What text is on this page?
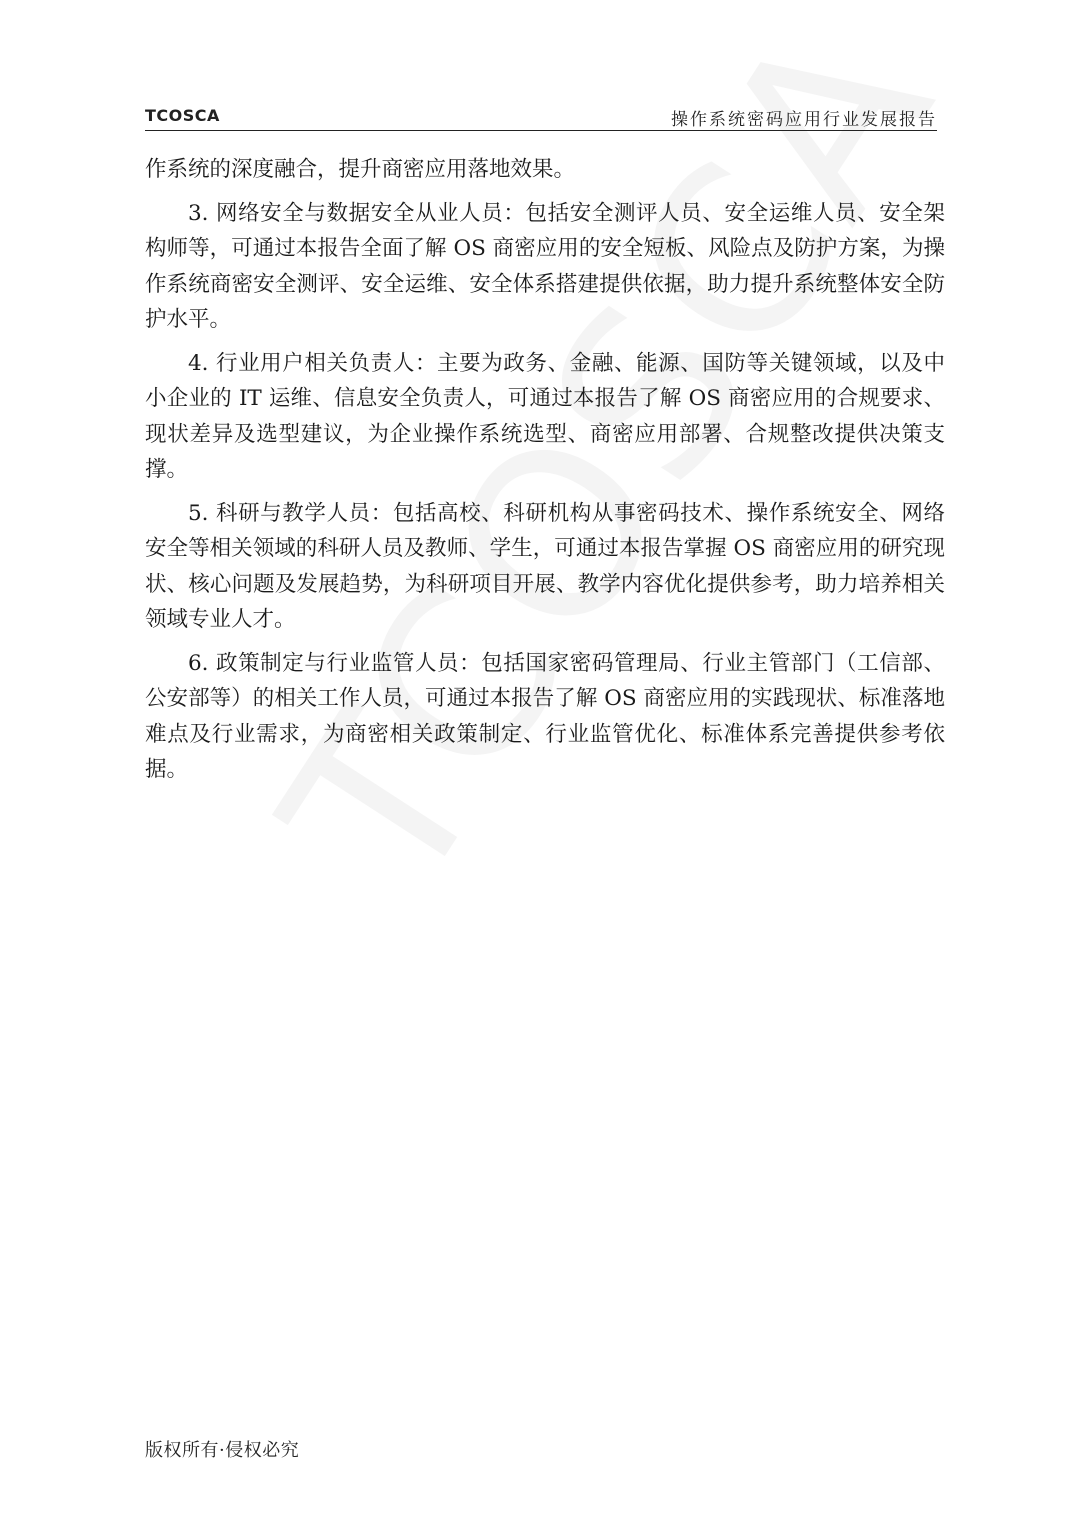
TCOSCA	操作系统密码应用行业发展报告

作系统的深度融合，提升商密应用落地效果。

3. 网络安全与数据安全从业人员：包括安全测评人员、安全运维人员、安全架构师等，可通过本报告全面了解 OS 商密应用的安全短板、风险点及防护方案，为操作系统商密安全测评、安全运维、安全体系搭建提供依据，助力提升系统整体安全防护水平。

4. 行业用户相关负责人：主要为政务、金融、能源、国防等关键领域，以及中小企业的 IT 运维、信息安全负责人，可通过本报告了解 OS 商密应用的合规要求、现状差异及选型建议，为企业操作系统选型、商密应用部署、合规整改提供决策支撑。

5. 科研与教学人员：包括高校、科研机构从事密码技术、操作系统安全、网络安全等相关领域的科研人员及教师、学生，可通过本报告掌握 OS 商密应用的研究现状、核心问题及发展趋势，为科研项目开展、教学内容优化提供参考，助力培养相关领域专业人才。

6. 政策制定与行业监管人员：包括国家密码管理局、行业主管部门（工信部、公安部等）的相关工作人员，可通过本报告了解 OS 商密应用的实践现状、标准落地难点及行业需求，为商密相关政策制定、行业监管优化、标准体系完善提供参考依据。

版权所有·侵权必究
